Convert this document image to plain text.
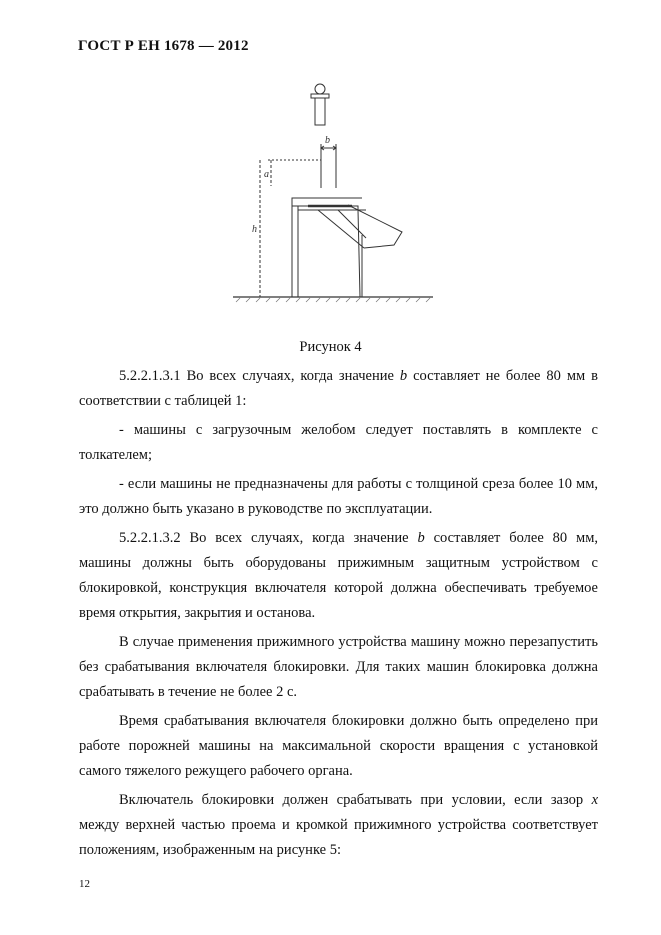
ГОСТ Р ЕН 1678 — 2012
b
a
h
Рисунок 4

5.2.2.1.3.1 Во всех случаях, когда значение b составляет не более 80 мм в соответствии с таблицей 1:

- машины с загрузочным желобом следует поставлять в комплекте с толкателем;

- если машины не предназначены для работы с толщиной среза более 10 мм, это должно быть указано в руководстве по эксплуатации.

5.2.2.1.3.2 Во всех случаях, когда значение b составляет более 80 мм, машины должны быть оборудованы прижимным защитным устройством с блокировкой, конструкция включателя которой должна обеспечивать требуемое время открытия, закрытия и останова.

В случае применения прижимного устройства машину можно перезапустить без срабатывания включателя блокировки. Для таких машин блокировка должна срабатывать в течение не более 2 с.

Время срабатывания включателя блокировки должно быть определено при работе порожней машины на максимальной скорости вращения с установкой самого тяжелого режущего рабочего органа.

Включатель блокировки должен срабатывать при условии, если зазор x между верхней частью проема и кромкой прижимного устройства соответствует положениям, изображенным на рисунке 5:

12
